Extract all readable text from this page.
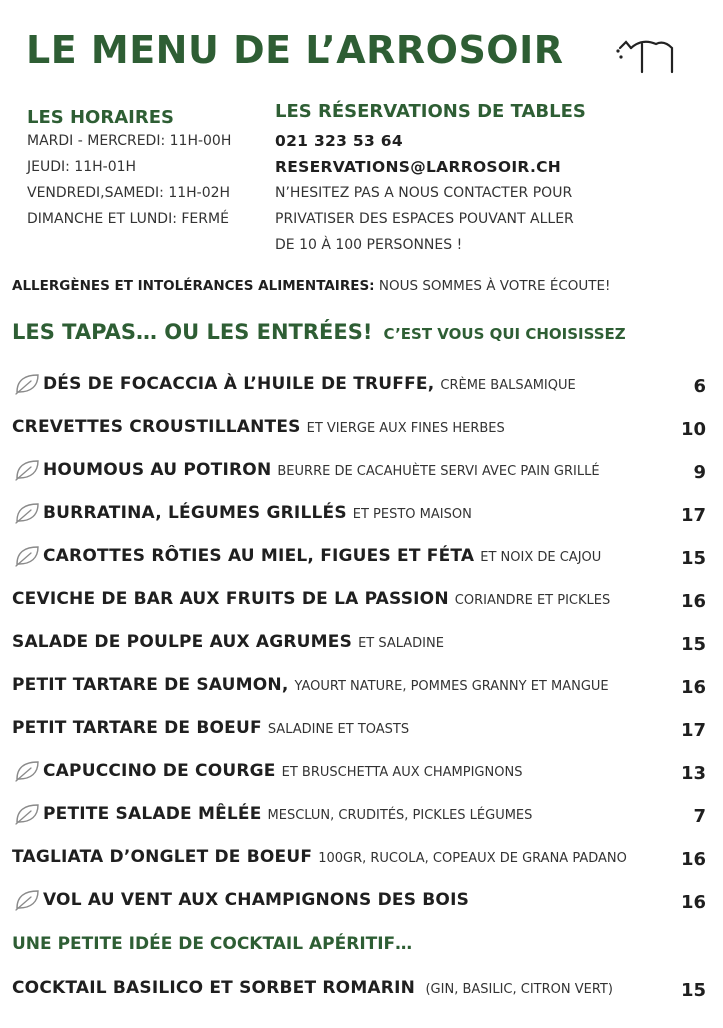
LE MENU DE L’ARROSOIR
LES HORAIRES
MARDI - MERCREDI: 11H-00H
JEUDI: 11H-01H
VENDREDI,SAMEDI: 11H-02H
DIMANCHE ET LUNDI: FERMÉ
LES RÉSERVATIONS DE TABLES
021 323 53 64
RESERVATIONS@LARROSOIR.CH
N’HESITEZ PAS A NOUS CONTACTER POUR
PRIVATISER DES ESPACES POUVANT ALLER
DE 10 À 100 PERSONNES !
ALLERGÈNES ET INTOLÉRANCES ALIMENTAIRES: NOUS SOMMES À VOTRE ÉCOUTE!
LES TAPAS… OU LES ENTRÉES! C’EST VOUS QUI CHOISISSEZ
DÉS DE FOCACCIA À L’HUILE DE TRUFFE, CRÈME BALSAMIQUE	6
CREVETTES CROUSTILLANTES ET VIERGE AUX FINES HERBES	10
HOUMOUS AU POTIRON BEURRE DE CACAHUÈTE SERVI AVEC PAIN GRILLÉ	9
BURRATINA, LÉGUMES GRILLÉS ET PESTO MAISON	17
CAROTTES RÔTIES AU MIEL, FIGUES ET FÉTA ET NOIX DE CAJOU	15
CEVICHE DE BAR AUX FRUITS DE LA PASSION CORIANDRE ET PICKLES	16
SALADE DE POULPE AUX AGRUMES ET SALADINE	15
PETIT TARTARE DE SAUMON, YAOURT NATURE, POMMES GRANNY ET MANGUE	16
PETIT TARTARE DE BOEUF SALADINE ET TOASTS	17
CAPUCCINO DE COURGE ET BRUSCHETTA AUX CHAMPIGNONS	13
PETITE SALADE MÊLÉE MESCLUN, CRUDITÉS, PICKLES LÉGUMES	7
TAGLIATA D’ONGLET DE BOEUF 100GR, RUCOLA, COPEAUX DE GRANA PADANO	16
VOL AU VENT AUX CHAMPIGNONS DES BOIS	16
UNE PETITE IDÉE DE COCKTAIL APÉRITIF…
COCKTAIL BASILICO ET SORBET ROMARIN (GIN, BASILIC, CITRON VERT)	15
